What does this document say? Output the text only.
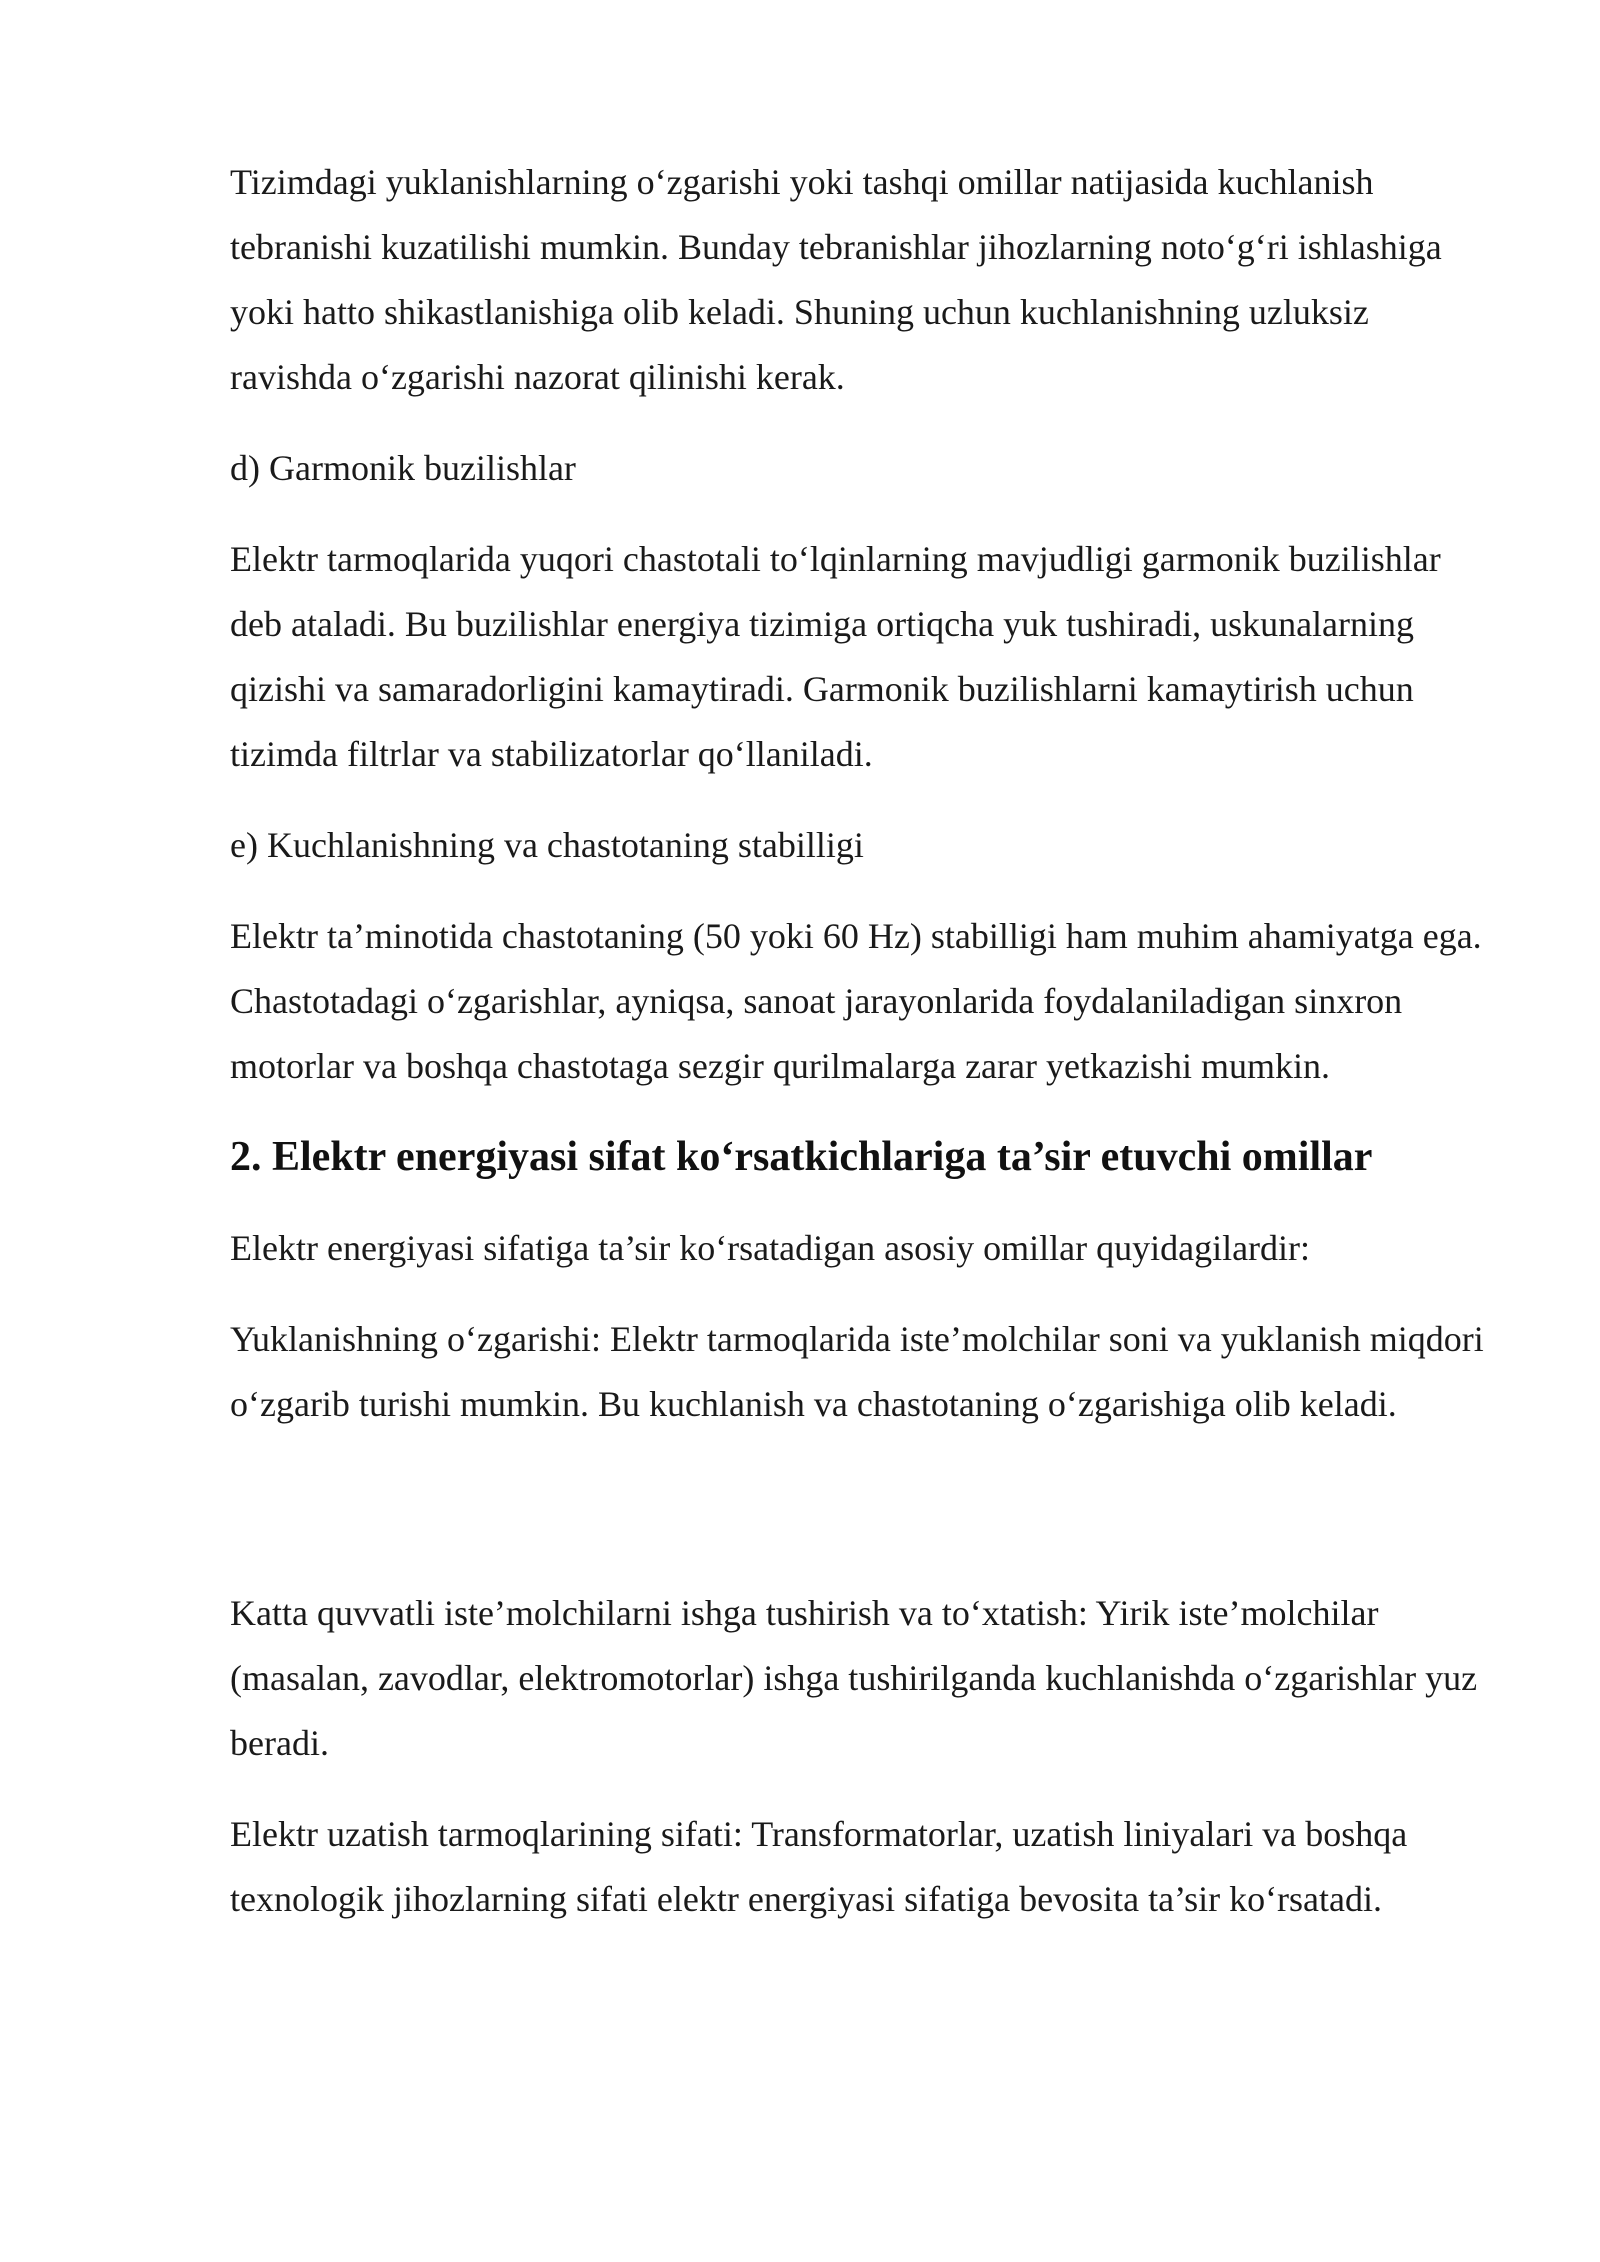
Tizimdagi yuklanishlarning o‘zgarishi yoki tashqi omillar natijasida kuchlanish tebranishi kuzatilishi mumkin. Bunday tebranishlar jihozlarning noto‘g‘ri ishlashiga yoki hatto shikastlanishiga olib keladi. Shuning uchun kuchlanishning uzluksiz ravishda o‘zgarishi nazorat qilinishi kerak.

d) Garmonik buzilishlar

Elektr tarmoqlarida yuqori chastotali to‘lqinlarning mavjudligi garmonik buzilishlar deb ataladi. Bu buzilishlar energiya tizimiga ortiqcha yuk tushiradi, uskunalarning qizishi va samaradorligini kamaytiradi. Garmonik buzilishlarni kamaytirish uchun tizimda filtrlar va stabilizatorlar qo‘llaniladi.

e) Kuchlanishning va chastotaning stabilligi

Elektr ta’minotida chastotaning (50 yoki 60 Hz) stabilligi ham muhim ahamiyatga ega. Chastotadagi o‘zgarishlar, ayniqsa, sanoat jarayonlarida foydalaniladigan sinxron motorlar va boshqa chastotaga sezgir qurilmalarga zarar yetkazishi mumkin.

2. Elektr energiyasi sifat ko‘rsatkichlariga ta’sir etuvchi omillar

Elektr energiyasi sifatiga ta’sir ko‘rsatadigan asosiy omillar quyidagilardir:

Yuklanishning o‘zgarishi: Elektr tarmoqlarida iste’molchilar soni va yuklanish miqdori o‘zgarib turishi mumkin. Bu kuchlanish va chastotaning o‘zgarishiga olib keladi.

Katta quvvatli iste’molchilarni ishga tushirish va to‘xtatish: Yirik iste’molchilar (masalan, zavodlar, elektromotorlar) ishga tushirilganda kuchlanishda o‘zgarishlar yuz beradi.

Elektr uzatish tarmoqlarining sifati: Transformatorlar, uzatish liniyalari va boshqa texnologik jihozlarning sifati elektr energiyasi sifatiga bevosita ta’sir ko‘rsatadi.
